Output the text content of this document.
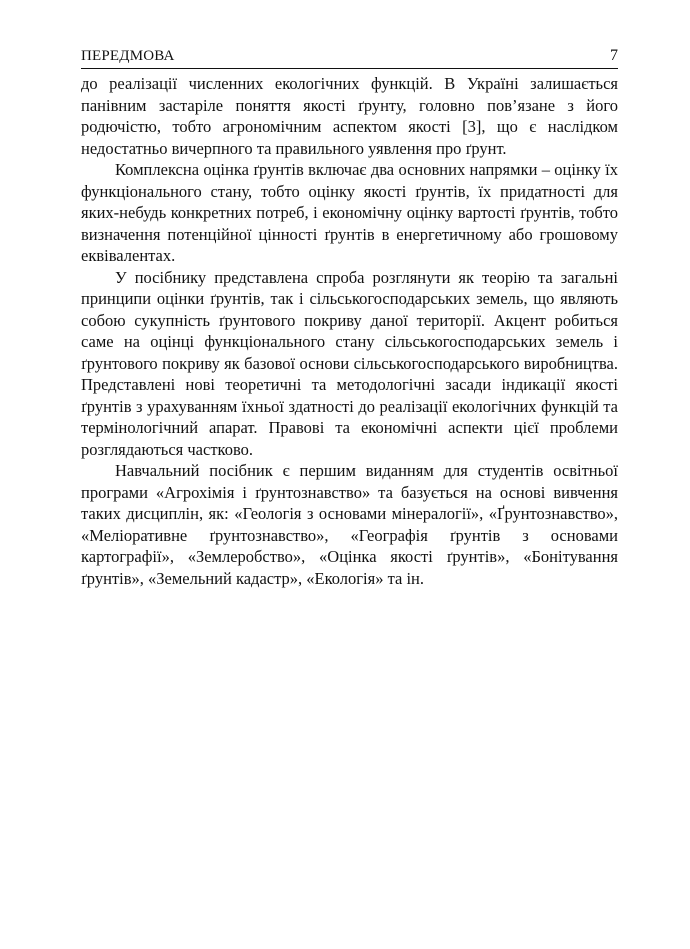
ПЕРЕДМОВА	7

до реалізації численних екологічних функцій. В Україні залишається панівним застаріле поняття якості ґрунту, головно пов’язане з його родючістю, тобто агрономічним аспектом якості [3], що є наслідком недостатньо вичерпного та правильного уявлення про ґрунт.

Комплексна оцінка ґрунтів включає два основних напрямки – оцінку їх функціонального стану, тобто оцінку якості ґрунтів, їх придатності для яких-небудь конкретних потреб, і економічну оцінку вартості ґрунтів, тобто визначення потенційної цінності ґрунтів в енергетичному або грошовому еквівалентах.

У посібнику представлена спроба розглянути як теорію та загальні принципи оцінки ґрунтів, так і сільськогосподарських земель, що являють собою сукупність ґрунтового покриву даної території. Акцент робиться саме на оцінці функціонального стану сільськогосподарських земель і ґрунтового покриву як базової основи сільськогосподарського виробництва. Представлені нові теоретичні та методологічні засади індикації якості ґрунтів з урахуванням їхньої здатності до реалізації екологічних функцій та термінологічний апарат. Правові та економічні аспекти цієї проблеми розглядаються частково.

Навчальний посібник є першим виданням для студентів освітньої програми «Агрохімія і ґрунтознавство» та базується на основі вивчення таких дисциплін, як: «Геологія з основами мінералогії», «Ґрунтознавство», «Меліоративне ґрунтознавство», «Географія ґрунтів з основами картографії», «Землеробство», «Оцінка якості ґрунтів», «Бонітування ґрунтів», «Земельний кадастр», «Екологія» та ін.
